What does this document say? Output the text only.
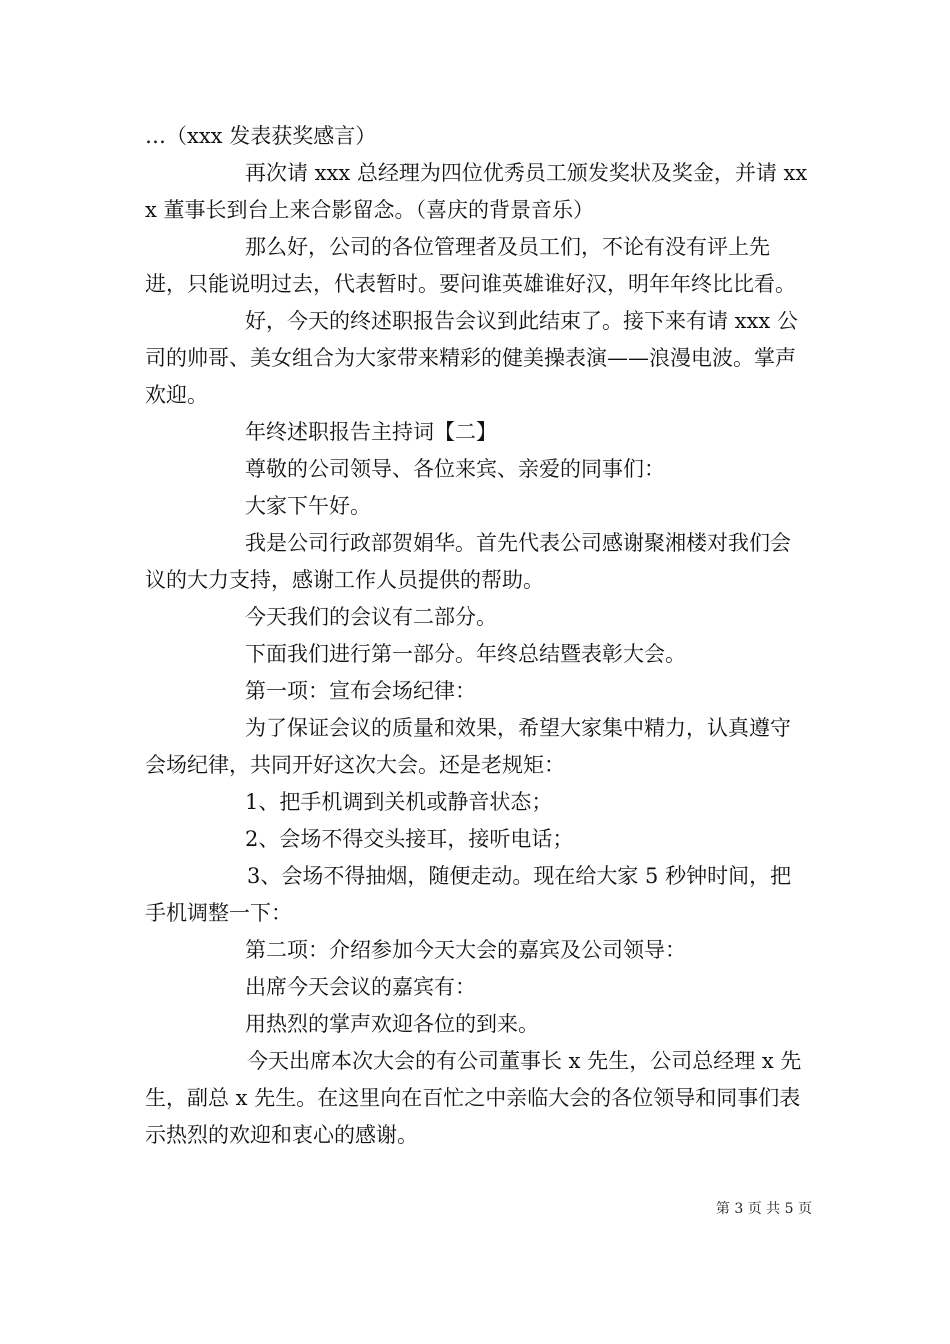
…（xxx 发表获奖感言）

再次请 xxx 总经理为四位优秀员工颁发奖状及奖金，并请 xxx 董事长到台上来合影留念。（喜庆的背景音乐）

那么好，公司的各位管理者及员工们，不论有没有评上先进，只能说明过去，代表暂时。要问谁英雄谁好汉，明年年终比比看。

好，今天的终述职报告会议到此结束了。接下来有请 xxx 公司的帅哥、美女组合为大家带来精彩的健美操表演——浪漫电波。掌声欢迎。

年终述职报告主持词【二】

尊敬的公司领导、各位来宾、亲爱的同事们：

大家下午好。

我是公司行政部贺娟华。首先代表公司感谢聚湘楼对我们会议的大力支持，感谢工作人员提供的帮助。

今天我们的会议有二部分。

下面我们进行第一部分。年终总结暨表彰大会。

第一项：宣布会场纪律：

为了保证会议的质量和效果，希望大家集中精力，认真遵守会场纪律，共同开好这次大会。还是老规矩：

1、把手机调到关机或静音状态；

2、会场不得交头接耳，接听电话；

3、会场不得抽烟，随便走动。现在给大家 5 秒钟时间，把手机调整一下：

第二项：介绍参加今天大会的嘉宾及公司领导：

出席今天会议的嘉宾有：

用热烈的掌声欢迎各位的到来。

今天出席本次大会的有公司董事长 x 先生，公司总经理 x 先生，副总 x 先生。在这里向在百忙之中亲临大会的各位领导和同事们表示热烈的欢迎和衷心的感谢。

第 3 页 共 5 页
